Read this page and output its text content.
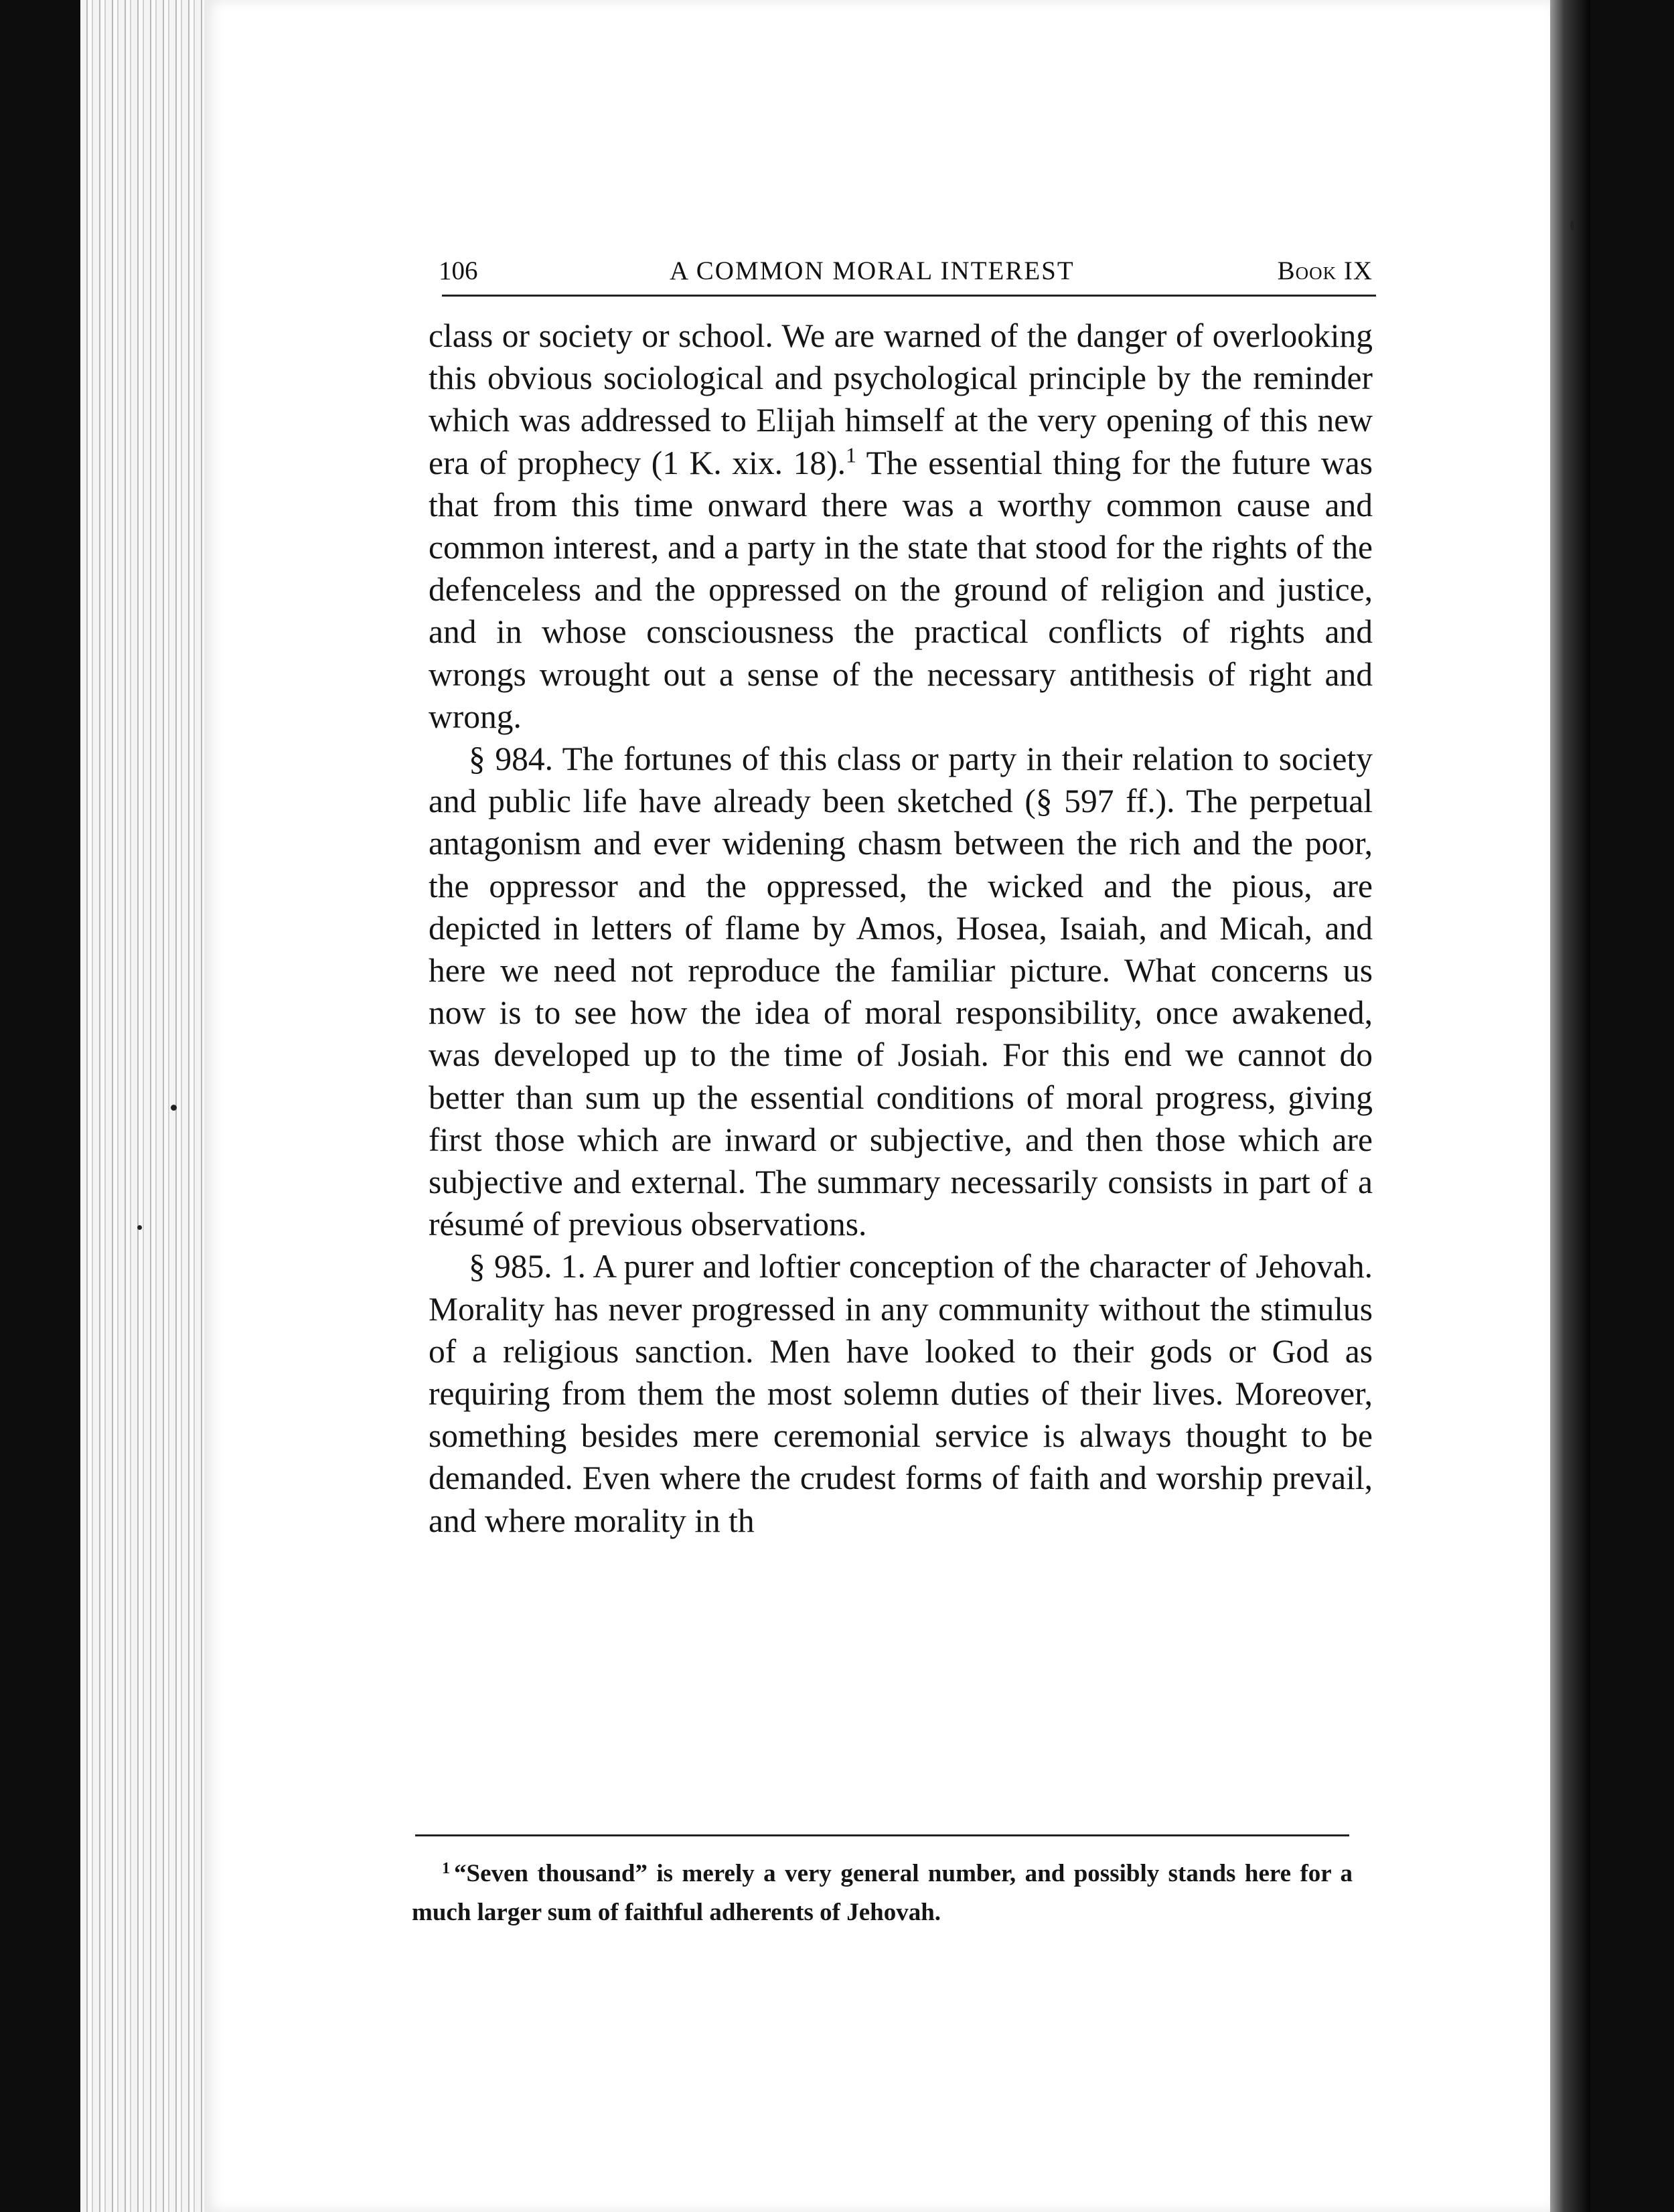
106	A COMMON MORAL INTEREST	Book IX

class or society or school. We are warned of the danger of overlooking this obvious sociological and psychological principle by the reminder which was addressed to Elijah himself at the very opening of this new era of prophecy (1 K. xix. 18).$^1$ The essential thing for the future was that from this time onward there was a worthy common cause and common interest, and a party in the state that stood for the rights of the defenceless and the oppressed on the ground of religion and justice, and in whose consciousness the practical conflicts of rights and wrongs wrought out a sense of the necessary antithesis of right and wrong.

§ 984. The fortunes of this class or party in their relation to society and public life have already been sketched (§ 597 ff.). The perpetual antagonism and ever widening chasm between the rich and the poor, the oppressor and the oppressed, the wicked and the pious, are depicted in letters of flame by Amos, Hosea, Isaiah, and Micah, and here we need not reproduce the familiar picture. What concerns us now is to see how the idea of moral responsibility, once awakened, was developed up to the time of Josiah. For this end we cannot do better than sum up the essential conditions of moral progress, giving first those which are inward or subjective, and then those which are subjective and external. The summary necessarily consists in part of a résumé of previous observations.

§ 985. 1. A purer and loftier conception of the character of Jehovah. Morality has never progressed in any community without the stimulus of a religious sanction. Men have looked to their gods or God as requiring from them the most solemn duties of their lives. Moreover, something besides mere ceremonial service is always thought to be demanded. Even where the crudest forms of faith and worship prevail, and where morality in th

$^1$ “Seven thousand” is merely a very general number, and possibly stands here for a much larger sum of faithful adherents of Jehovah.
